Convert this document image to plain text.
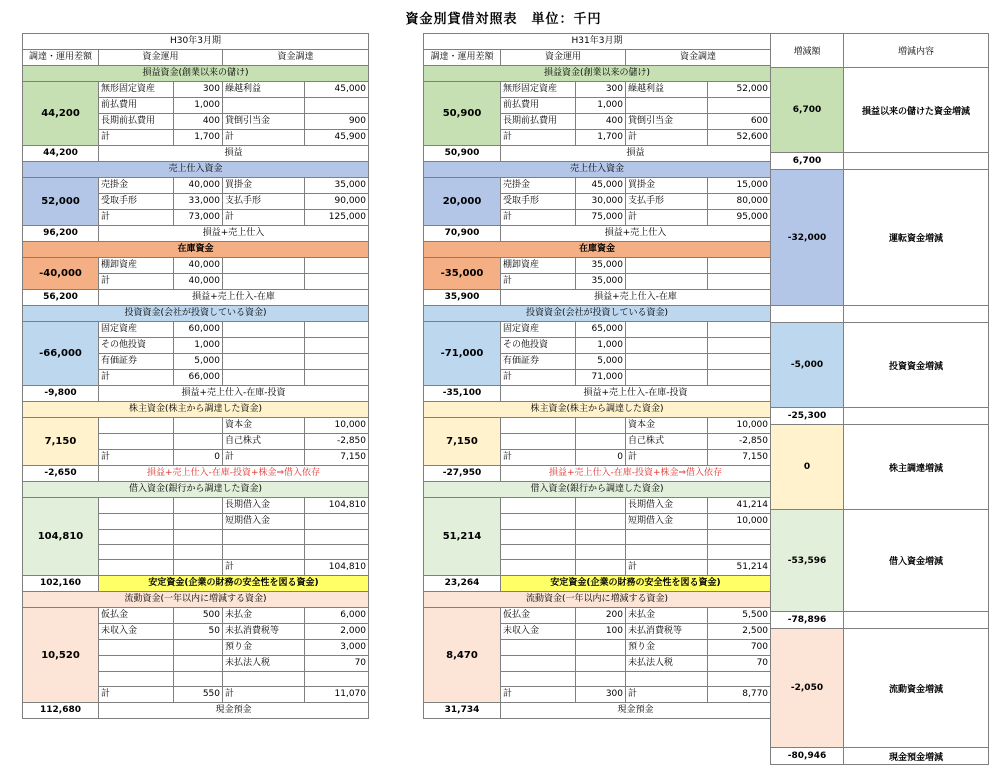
資金別貸借対照表　単位：千円
H30年3月期				
調達・運用差額	資金運用		資金調達	
損益資金(創業以来の儲け)				
44,200	無形固定資産	300	繰越利益	45,000
	前払費用	1,000		
	長期前払費用	400	貸倒引当金	900
	計	1,700	計	45,900
44,200	損益			
売上仕入資金				
52,000	売掛金	40,000	買掛金	35,000
	受取手形	33,000	支払手形	90,000
	計	73,000	計	125,000
96,200	損益+売上仕入			
在庫資金				
-40,000	棚卸資産	40,000		
	計	40,000		
56,200	損益+売上仕入-在庫			
投資資金(会社が投資している資金)				
-66,000	固定資産	60,000		
	その他投資	1,000		
	有価証券	5,000		
	計	66,000		
-9,800	損益+売上仕入-在庫-投資			
株主資金(株主から調達した資金)				
7,150			資本金	10,000
			自己株式	-2,850
	計	0	計	7,150
-2,650	損益+売上仕入-在庫-投資+株金⇒借入依存			
借入資金(銀行から調達した資金)				
104,810			長期借入金	104,810
			短期借入金	

			計	104,810
102,160	安定資金(企業の財務の安全性を図る資金)			
流動資金(一年以内に増減する資金)				
10,520	仮払金	500	未払金	6,000
	未収入金	50	未払消費税等	2,000
			預り金	3,000
			未払法人税	70

	計	550	計	11,070
112,680	現金預金			
H31年3月期				
調達・運用差額	資金運用		資金調達	
損益資金(創業以来の儲け)				
50,900	無形固定資産	300	繰越利益	52,000
	前払費用	1,000		
	長期前払費用	400	貸倒引当金	600
	計	1,700	計	52,600
50,900	損益			
売上仕入資金				
20,000	売掛金	45,000	買掛金	15,000
	受取手形	30,000	支払手形	80,000
	計	75,000	計	95,000
70,900	損益+売上仕入			
在庫資金				
-35,000	棚卸資産	35,000		
	計	35,000		
35,900	損益+売上仕入-在庫			
投資資金(会社が投資している資金)				
-71,000	固定資産	65,000		
	その他投資	1,000		
	有価証券	5,000		
	計	71,000		
-35,100	損益+売上仕入-在庫-投資			
株主資金(株主から調達した資金)				
7,150			資本金	10,000
			自己株式	-2,850
	計	0	計	7,150
-27,950	損益+売上仕入-在庫-投資+株金⇒借入依存			
借入資金(銀行から調達した資金)				
51,214			長期借入金	41,214
			短期借入金	10,000

			計	51,214
23,264	安定資金(企業の財務の安全性を図る資金)			
流動資金(一年以内に増減する資金)				
8,470	仮払金	200	未払金	5,500
	未収入金	100	未払消費税等	2,500
			預り金	700
			未払法人税	70

	計	300	計	8,770
31,734	現金預金			
増減額	増減内容
6,700	損益以来の儲けた資金増減
6,700	
-32,000	運転資金増減

-5,000	投資資金増減
-25,300	
0	株主調達増減
-53,596	借入資金増減
-78,896	
-2,050	流動資金増減
-80,946	現金預金増減
